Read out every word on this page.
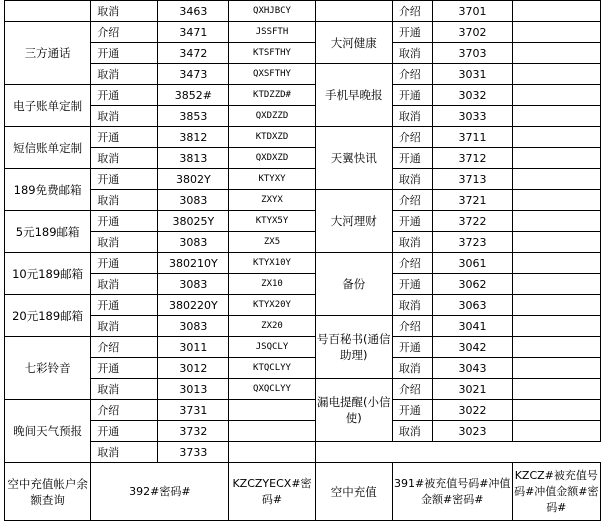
	取消	3463	QXHJBCY		介绍	3701	
三方通话	介绍	3471	JSSFTH	大河健康	开通	3702	
	开通	3472	KTSFTHY		取消	3703	
	取消	3473	QXSFTHY	手机早晚报	介绍	3031	
电子账单定制	开通	3852#	KTDZZD#		开通	3032	
	取消	3853	QXDZZD		取消	3033	
短信账单定制	开通	3812	KTDXZD	天翼快讯	介绍	3711	
	取消	3813	QXDXZD		开通	3712	
189免费邮箱	开通	3802Y	KTYXY		取消	3713	
	取消	3083	ZXYX	大河理财	介绍	3721	
5元189邮箱	开通	38025Y	KTYX5Y		开通	3722	
	取消	3083	ZX5		取消	3723	
10元189邮箱	开通	380210Y	KTYX10Y	备份	介绍	3061	
	取消	3083	ZX10		开通	3062	
20元189邮箱	开通	380220Y	KTYX20Y		取消	3063	
	取消	3083	ZX20	号百秘书(通信助理)	介绍	3041	
七彩铃音	介绍	3011	JSQCLY		开通	3042	
	开通	3012	KTQCLYY		取消	3043	
	取消	3013	QXQCLYY	漏电提醒(小信使)	介绍	3021	
晚间天气预报	介绍	3731			开通	3022	
	开通	3732			取消	3023	
	取消	3733					
空中充值帐户余额查询	392#密码#		KZCZYECX#密码#	空中充值	391#被充值号码#冲值金额#密码#		KZCZ#被充值号码#冲值金额#密码#
